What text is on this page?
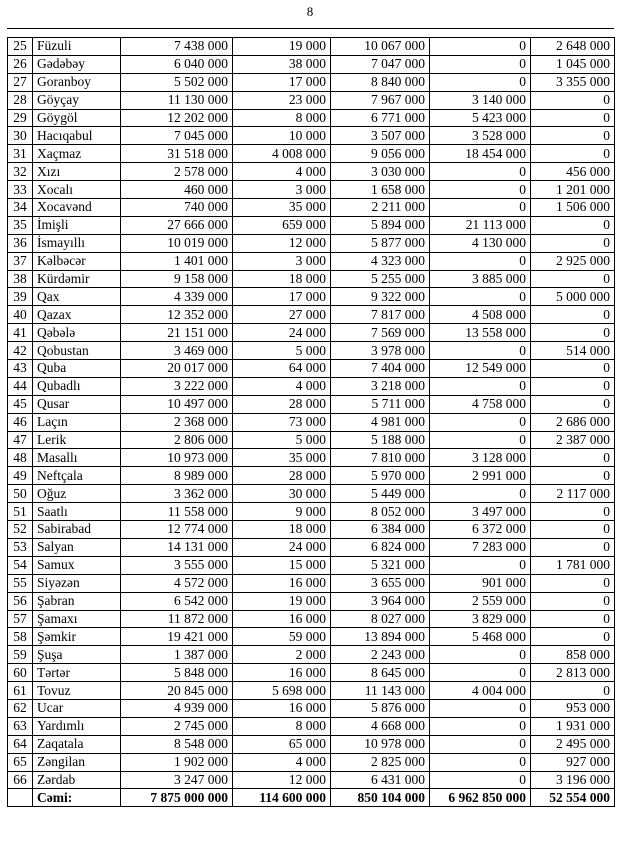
8
25	Füzuli	7 438 000	19 000	10 067 000	0	2 648 000
26	Gədəbəy	6 040 000	38 000	7 047 000	0	1 045 000
27	Goranboy	5 502 000	17 000	8 840 000	0	3 355 000
28	Göyçay	11 130 000	23 000	7 967 000	3 140 000	0
29	Göygöl	12 202 000	8 000	6 771 000	5 423 000	0
30	Hacıqabul	7 045 000	10 000	3 507 000	3 528 000	0
31	Xaçmaz	31 518 000	4 008 000	9 056 000	18 454 000	0
32	Xızı	2 578 000	4 000	3 030 000	0	456 000
33	Xocalı	460 000	3 000	1 658 000	0	1 201 000
34	Xocavənd	740 000	35 000	2 211 000	0	1 506 000
35	İmişli	27 666 000	659 000	5 894 000	21 113 000	0
36	İsmayıllı	10 019 000	12 000	5 877 000	4 130 000	0
37	Kəlbəcər	1 401 000	3 000	4 323 000	0	2 925 000
38	Kürdəmir	9 158 000	18 000	5 255 000	3 885 000	0
39	Qax	4 339 000	17 000	9 322 000	0	5 000 000
40	Qazax	12 352 000	27 000	7 817 000	4 508 000	0
41	Qəbələ	21 151 000	24 000	7 569 000	13 558 000	0
42	Qobustan	3 469 000	5 000	3 978 000	0	514 000
43	Quba	20 017 000	64 000	7 404 000	12 549 000	0
44	Qubadlı	3 222 000	4 000	3 218 000	0	0
45	Qusar	10 497 000	28 000	5 711 000	4 758 000	0
46	Laçın	2 368 000	73 000	4 981 000	0	2 686 000
47	Lerik	2 806 000	5 000	5 188 000	0	2 387 000
48	Masallı	10 973 000	35 000	7 810 000	3 128 000	0
49	Neftçala	8 989 000	28 000	5 970 000	2 991 000	0
50	Oğuz	3 362 000	30 000	5 449 000	0	2 117 000
51	Saatlı	11 558 000	9 000	8 052 000	3 497 000	0
52	Sabirabad	12 774 000	18 000	6 384 000	6 372 000	0
53	Salyan	14 131 000	24 000	6 824 000	7 283 000	0
54	Samux	3 555 000	15 000	5 321 000	0	1 781 000
55	Siyəzən	4 572 000	16 000	3 655 000	901 000	0
56	Şabran	6 542 000	19 000	3 964 000	2 559 000	0
57	Şamaxı	11 872 000	16 000	8 027 000	3 829 000	0
58	Şəmkir	19 421 000	59 000	13 894 000	5 468 000	0
59	Şuşa	1 387 000	2 000	2 243 000	0	858 000
60	Tərtər	5 848 000	16 000	8 645 000	0	2 813 000
61	Tovuz	20 845 000	5 698 000	11 143 000	4 004 000	0
62	Ucar	4 939 000	16 000	5 876 000	0	953 000
63	Yardımlı	2 745 000	8 000	4 668 000	0	1 931 000
64	Zaqatala	8 548 000	65 000	10 978 000	0	2 495 000
65	Zəngilan	1 902 000	4 000	2 825 000	0	927 000
66	Zərdab	3 247 000	12 000	6 431 000	0	3 196 000
	Cəmi:	7 875 000 000	114 600 000	850 104 000	6 962 850 000	52 554 000
